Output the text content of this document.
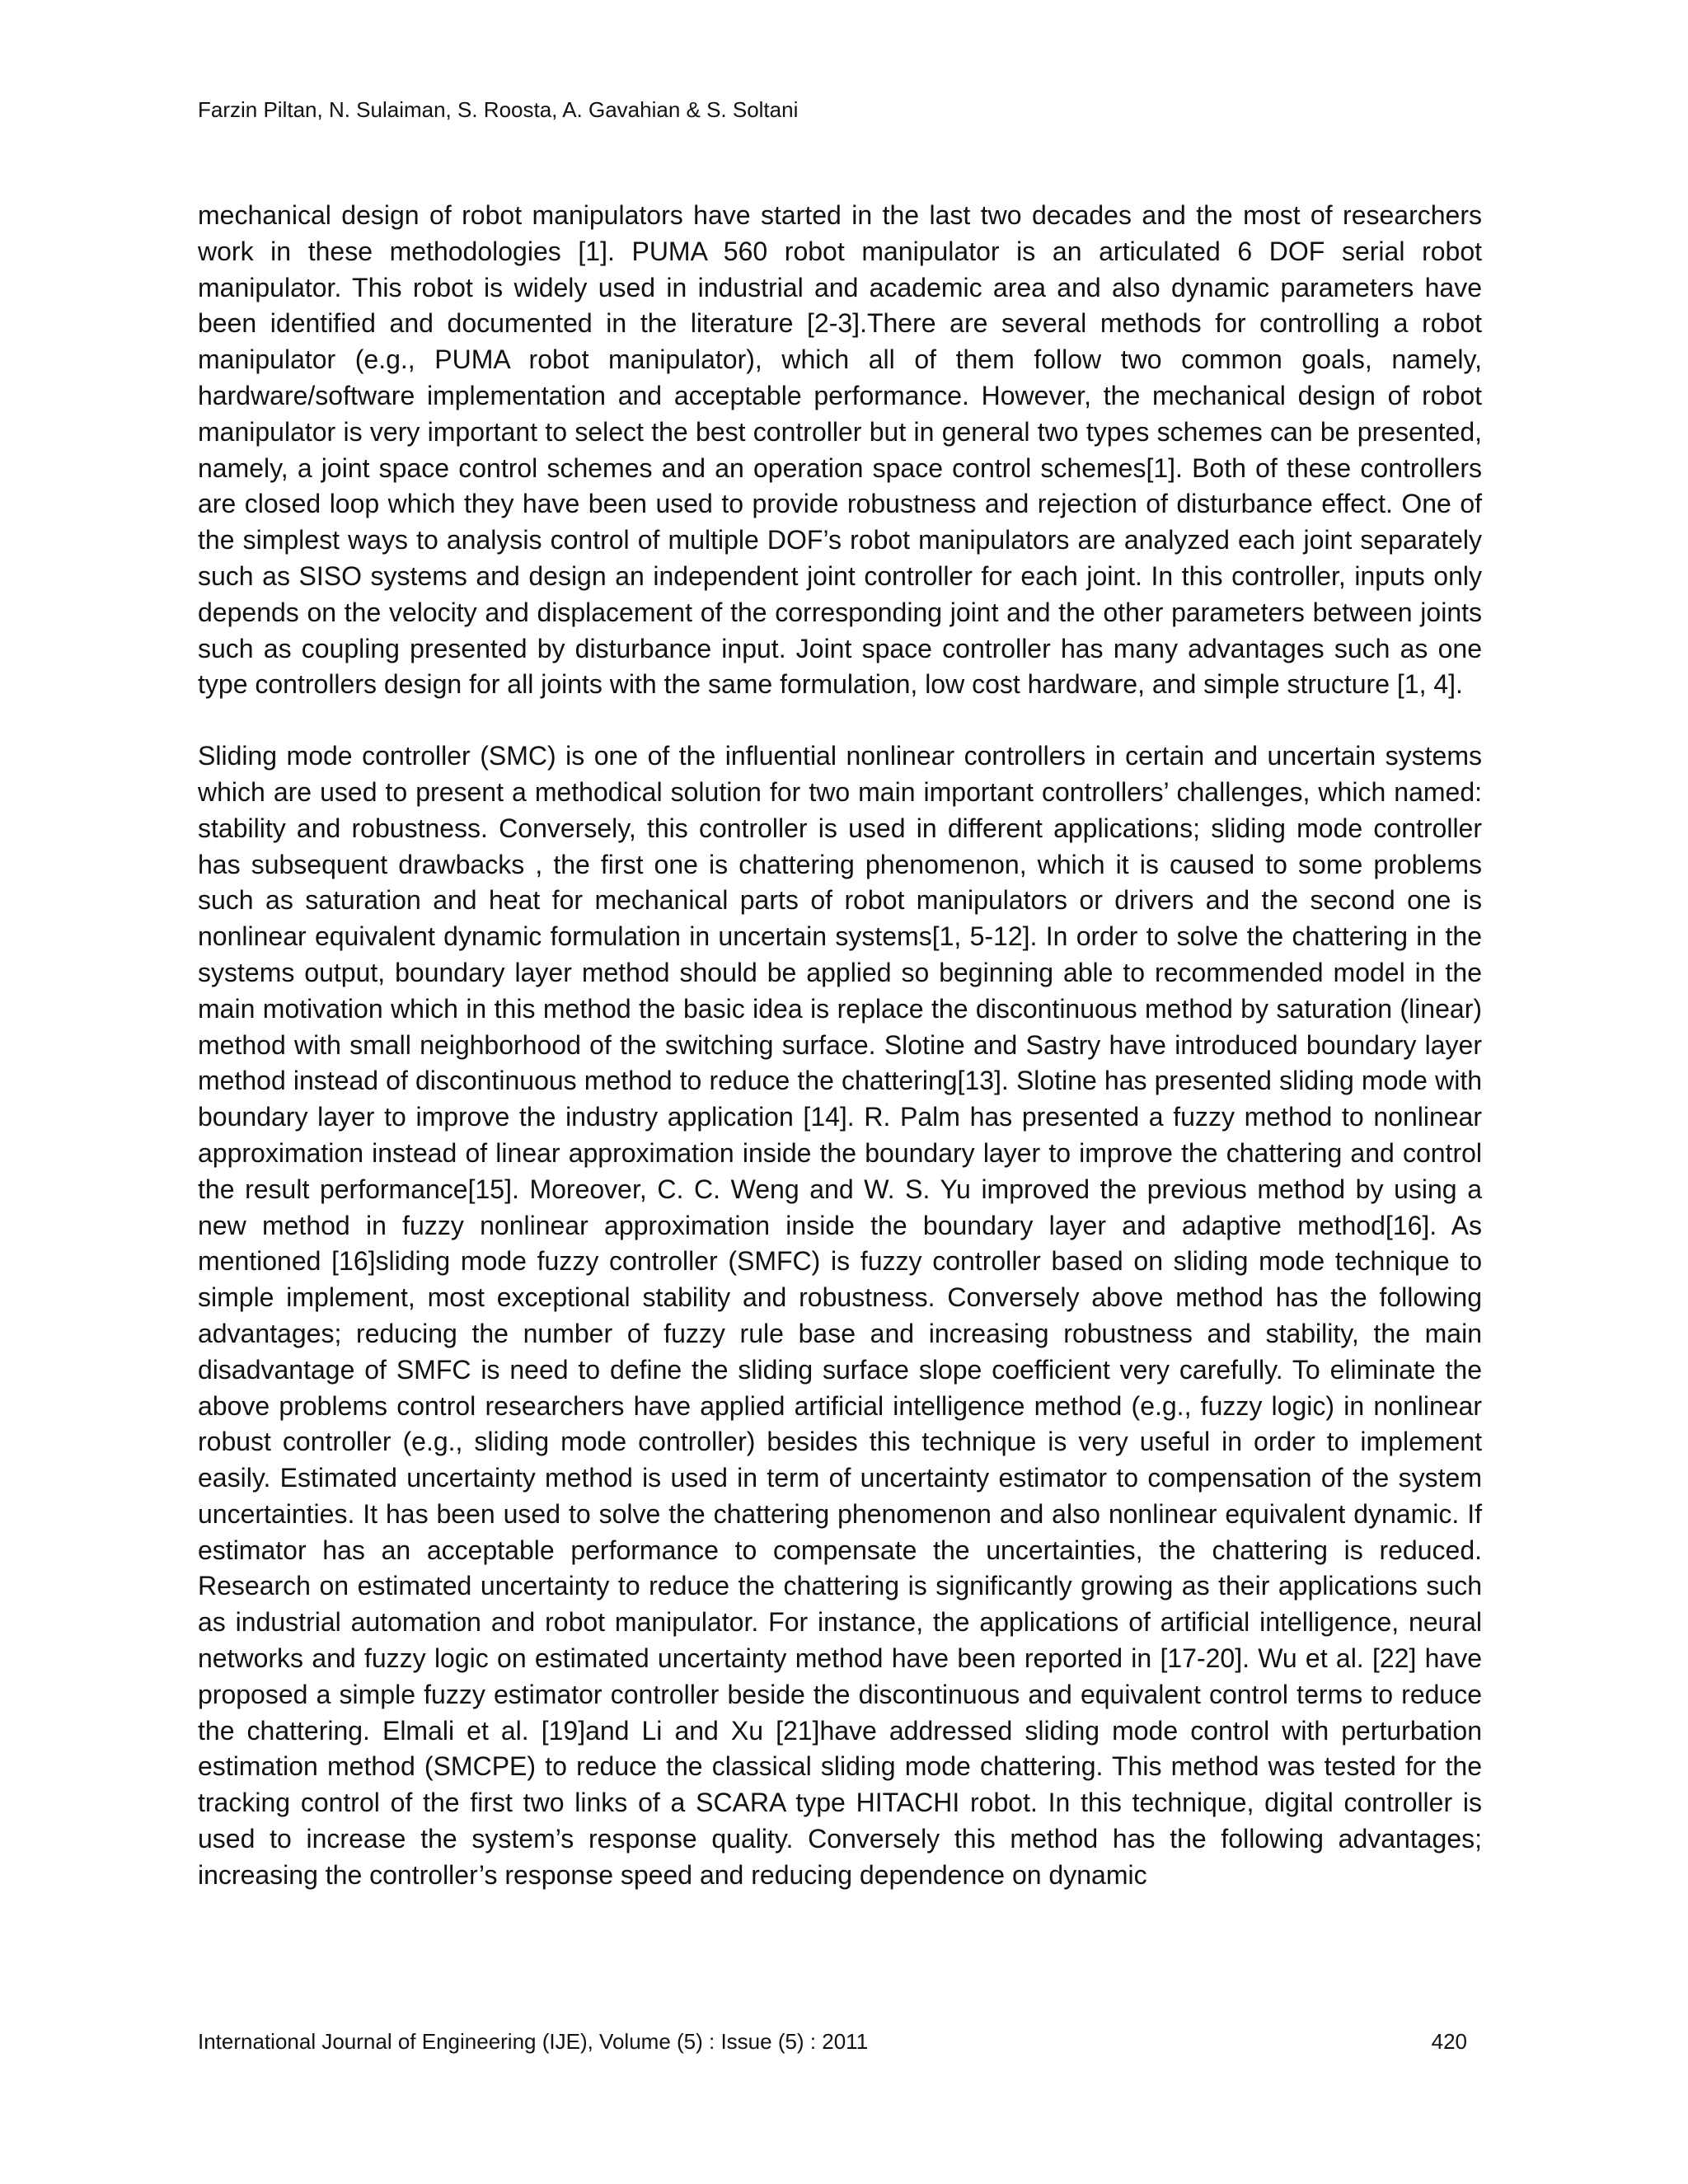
Farzin Piltan, N. Sulaiman, S. Roosta, A. Gavahian & S. Soltani

mechanical design of robot manipulators have started in the last two decades and the most of researchers work in these methodologies [1]. PUMA 560 robot manipulator is an articulated 6 DOF serial robot manipulator. This robot is widely used in industrial and academic area and also dynamic parameters have been identified and documented in the literature [2-3].There are several methods for controlling a robot manipulator (e.g., PUMA robot manipulator), which all of them follow two common goals, namely, hardware/software implementation and acceptable performance. However, the mechanical design of robot manipulator is very important to select the best controller but in general two types schemes can be presented, namely, a joint space control schemes and an operation space control schemes[1]. Both of these controllers are closed loop which they have been used to provide robustness and rejection of disturbance effect. One of the simplest ways to analysis control of multiple DOF’s robot manipulators are analyzed each joint separately such as SISO systems and design an independent joint controller for each joint. In this controller, inputs only depends on the velocity and displacement of the corresponding joint and the other parameters between joints such as coupling presented by disturbance input. Joint space controller has many advantages such as one type controllers design for all joints with the same formulation, low cost hardware, and simple structure [1, 4].

Sliding mode controller (SMC) is one of the influential nonlinear controllers in certain and uncertain systems which are used to present a methodical solution for two main important controllers’ challenges, which named: stability and robustness. Conversely, this controller is used in different applications; sliding mode controller has subsequent drawbacks , the first one is chattering phenomenon, which it is caused to some problems such as saturation and heat for mechanical parts of robot manipulators or drivers and the second one is nonlinear equivalent dynamic formulation in uncertain systems[1, 5-12]. In order to solve the chattering in the systems output, boundary layer method should be applied so beginning able to recommended model in the main motivation which in this method the basic idea is replace the discontinuous method by saturation (linear) method with small neighborhood of the switching surface. Slotine and Sastry have introduced boundary layer method instead of discontinuous method to reduce the chattering[13]. Slotine has presented sliding mode with boundary layer to improve the industry application [14]. R. Palm has presented a fuzzy method to nonlinear approximation instead of linear approximation inside the boundary layer to improve the chattering and control the result performance[15]. Moreover, C. C. Weng and W. S. Yu improved the previous method by using a new method in fuzzy nonlinear approximation inside the boundary layer and adaptive method[16]. As mentioned [16]sliding mode fuzzy controller (SMFC) is fuzzy controller based on sliding mode technique to simple implement, most exceptional stability and robustness. Conversely above method has the following advantages; reducing the number of fuzzy rule base and increasing robustness and stability, the main disadvantage of SMFC is need to define the sliding surface slope coefficient very carefully. To eliminate the above problems control researchers have applied artificial intelligence method (e.g., fuzzy logic) in nonlinear robust controller (e.g., sliding mode controller) besides this technique is very useful in order to implement easily. Estimated uncertainty method is used in term of uncertainty estimator to compensation of the system uncertainties. It has been used to solve the chattering phenomenon and also nonlinear equivalent dynamic. If estimator has an acceptable performance to compensate the uncertainties, the chattering is reduced. Research on estimated uncertainty to reduce the chattering is significantly growing as their applications such as industrial automation and robot manipulator. For instance, the applications of artificial intelligence, neural networks and fuzzy logic on estimated uncertainty method have been reported in [17-20]. Wu et al. [22] have proposed a simple fuzzy estimator controller beside the discontinuous and equivalent control terms to reduce the chattering. Elmali et al. [19]and Li and Xu [21]have addressed sliding mode control with perturbation estimation method (SMCPE) to reduce the classical sliding mode chattering. This method was tested for the tracking control of the first two links of a SCARA type HITACHI robot. In this technique, digital controller is used to increase the system’s response quality. Conversely this method has the following advantages; increasing the controller’s response speed and reducing dependence on dynamic

International Journal of Engineering (IJE), Volume (5) : Issue (5) : 2011	420
